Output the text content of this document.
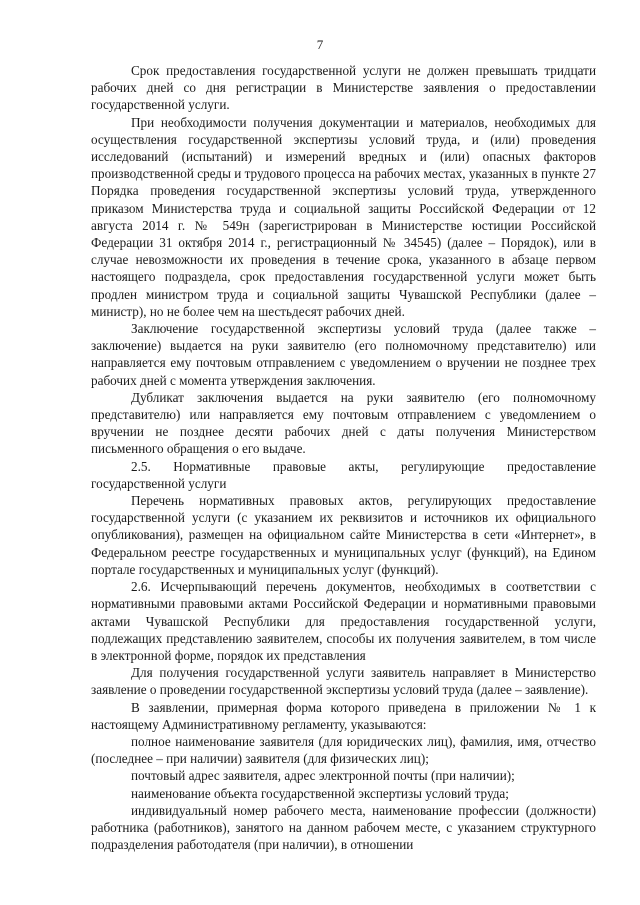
7

Срок предоставления государственной услуги не должен превышать тридцати рабочих дней со дня регистрации в Министерстве заявления о предоставлении государственной услуги.

При необходимости получения документации и материалов, необходимых для осуществления государственной экспертизы условий труда, и (или) проведения исследований (испытаний) и измерений вредных и (или) опасных факторов производственной среды и трудового процесса на рабочих местах, указанных в пункте 27 Порядка проведения государственной экспертизы условий труда, утвержденного приказом Министерства труда и социальной защиты Российской Федерации от 12 августа 2014 г. № 549н (зарегистрирован в Министерстве юстиции Российской Федерации 31 октября 2014 г., регистрационный № 34545) (далее – Порядок), или в случае невозможности их проведения в течение срока, указанного в абзаце первом настоящего подраздела, срок предоставления государственной услуги может быть продлен министром труда и социальной защиты Чувашской Республики (далее – министр), но не более чем на шестьдесят рабочих дней.

Заключение государственной экспертизы условий труда (далее также – заключение) выдается на руки заявителю (его полномочному представителю) или направляется ему почтовым отправлением с уведомлением о вручении не позднее трех рабочих дней с момента утверждения заключения.

Дубликат заключения выдается на руки заявителю (его полномочному представителю) или направляется ему почтовым отправлением с уведомлением о вручении не позднее десяти рабочих дней с даты получения Министерством письменного обращения о его выдаче.

2.5. Нормативные правовые акты, регулирующие предоставление государственной услуги

Перечень нормативных правовых актов, регулирующих предоставление государственной услуги (с указанием их реквизитов и источников их официального опубликования), размещен на официальном сайте Министерства в сети «Интернет», в Федеральном реестре государственных и муниципальных услуг (функций), на Едином портале государственных и муниципальных услуг (функций).

2.6. Исчерпывающий перечень документов, необходимых в соответствии с нормативными правовыми актами Российской Федерации и нормативными правовыми актами Чувашской Республики для предоставления государственной услуги, подлежащих представлению заявителем, способы их получения заявителем, в том числе в электронной форме, порядок их представления

Для получения государственной услуги заявитель направляет в Министерство заявление о проведении государственной экспертизы условий труда (далее – заявление).

В заявлении, примерная форма которого приведена в приложении № 1 к настоящему Административному регламенту, указываются:

полное наименование заявителя (для юридических лиц), фамилия, имя, отчество (последнее – при наличии) заявителя (для физических лиц);

почтовый адрес заявителя, адрес электронной почты (при наличии);

наименование объекта государственной экспертизы условий труда;

индивидуальный номер рабочего места, наименование профессии (должности) работника (работников), занятого на данном рабочем месте, с указанием структурного подразделения работодателя (при наличии), в отношении
